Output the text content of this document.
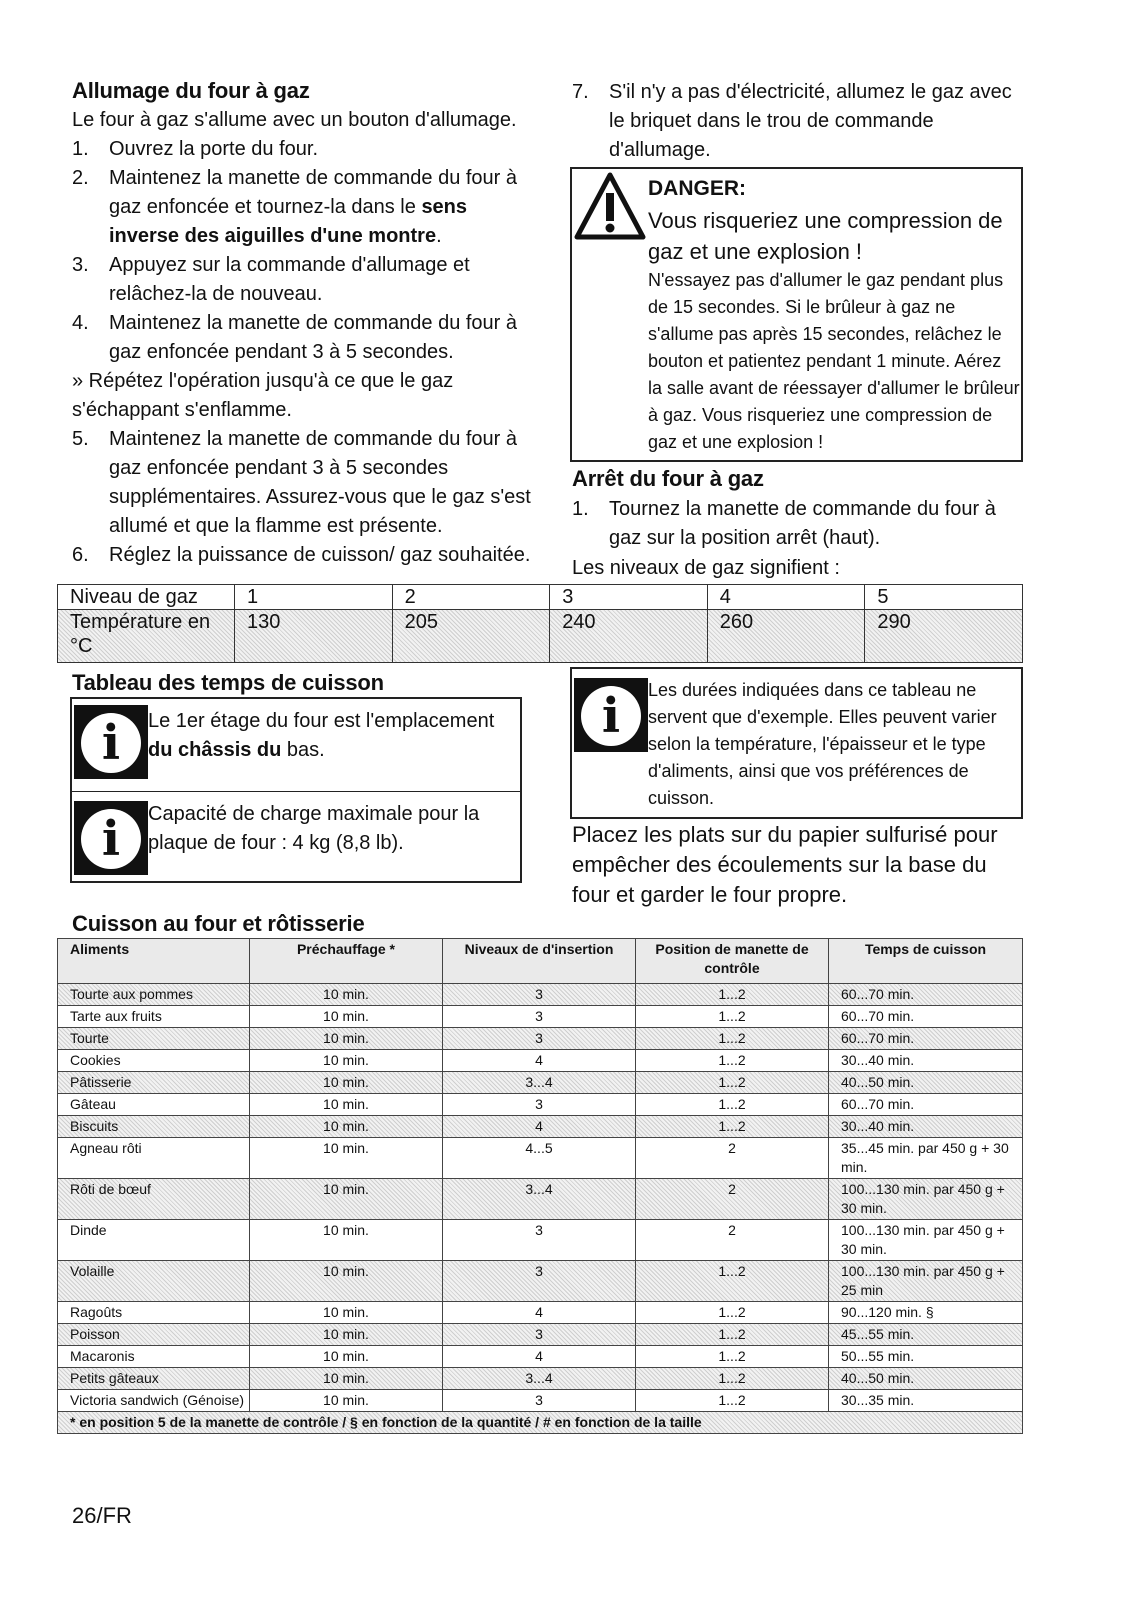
Allumage du four à gaz
Le four à gaz s'allume avec un bouton d'allumage.
1. Ouvrez la porte du four.
2. Maintenez la manette de commande du four à gaz enfoncée et tournez-la dans le sens inverse des aiguilles d'une montre.
3. Appuyez sur la commande d'allumage et relâchez-la de nouveau.
4. Maintenez la manette de commande du four à gaz enfoncée pendant 3 à 5 secondes.
» Répétez l'opération jusqu'à ce que le gaz s'échappant s'enflamme.
5. Maintenez la manette de commande du four à gaz enfoncée pendant 3 à 5 secondes supplémentaires. Assurez-vous que le gaz s'est allumé et que la flamme est présente.
6. Réglez la puissance de cuisson/ gaz souhaitée.
7. S'il n'y a pas d'électricité, allumez le gaz avec le briquet dans le trou de commande d'allumage.
DANGER:
Vous risqueriez une compression de gaz et une explosion !
N'essayez pas d'allumer le gaz pendant plus de 15 secondes. Si le brûleur à gaz ne s'allume pas après 15 secondes, relâchez le bouton et patientez pendant 1 minute. Aérez la salle avant de réessayer d'allumer le brûleur à gaz. Vous risqueriez une compression de gaz et une explosion !
Arrêt du four à gaz
1. Tournez la manette de commande du four à gaz sur la position arrêt (haut).
Les niveaux de gaz signifient :
Niveau de gaz	1	2	3	4	5
Température en °C	130	205	240	260	290
Tableau des temps de cuisson
i	Le 1er étage du four est l'emplacement du châssis du bas.
i	Capacité de charge maximale pour la plaque de four : 4 kg (8,8 lb).
i	Les durées indiquées dans ce tableau ne servent que d'exemple. Elles peuvent varier selon la température, l'épaisseur et le type d'aliments, ainsi que vos préférences de cuisson.
Placez les plats sur du papier sulfurisé pour empêcher des écoulements sur la base du four et garder le four propre.
Cuisson au four et rôtisserie
Aliments	Préchauffage *	Niveaux de d'insertion	Position de manette de contrôle	Temps de cuisson
Tourte aux pommes	10 min.	3	1...2	60...70 min.
Tarte aux fruits	10 min.	3	1...2	60...70 min.
Tourte	10 min.	3	1...2	60...70 min.
Cookies	10 min.	4	1...2	30...40 min.
Pâtisserie	10 min.	3...4	1...2	40...50 min.
Gâteau	10 min.	3	1...2	60...70 min.
Biscuits	10 min.	4	1...2	30...40 min.
Agneau rôti	10 min.	4...5	2	35...45 min. par 450 g + 30 min.
Rôti de bœuf	10 min.	3...4	2	100...130 min. par 450 g + 30 min.
Dinde	10 min.	3	2	100...130 min. par 450 g + 30 min.
Volaille	10 min.	3	1...2	100...130 min. par 450 g + 25 min
Ragoûts	10 min.	4	1...2	90...120 min. §
Poisson	10 min.	3	1...2	45...55 min.
Macaronis	10 min.	4	1...2	50...55 min.
Petits gâteaux	10 min.	3...4	1...2	40...50 min.
Victoria sandwich (Génoise)	10 min.	3	1...2	30...35 min.
* en position 5 de la manette de contrôle / § en fonction de la quantité / # en fonction de la taille				
26/FR
